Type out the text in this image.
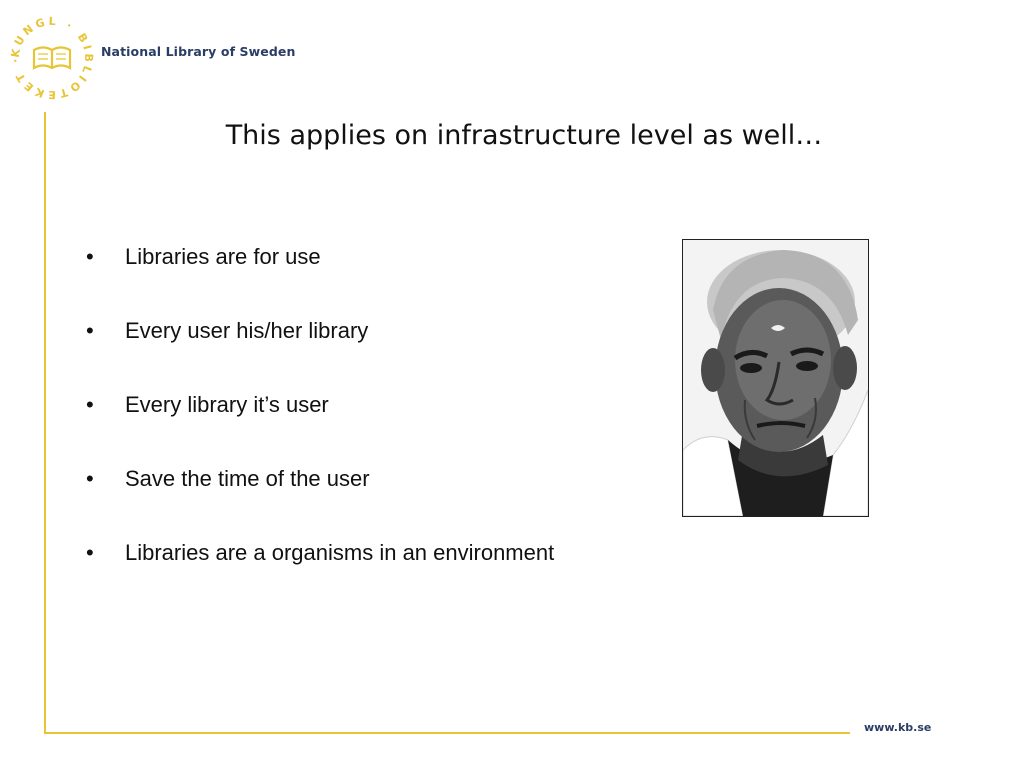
KUNGL · BIBLIOTEKET ·
National Library of Sweden
This applies on infrastructure level as well…
• Libraries are for use
• Every user his/her library
• Every library it’s user
• Save the time of the user
• Libraries are a organisms in an environment
www.kb.se
